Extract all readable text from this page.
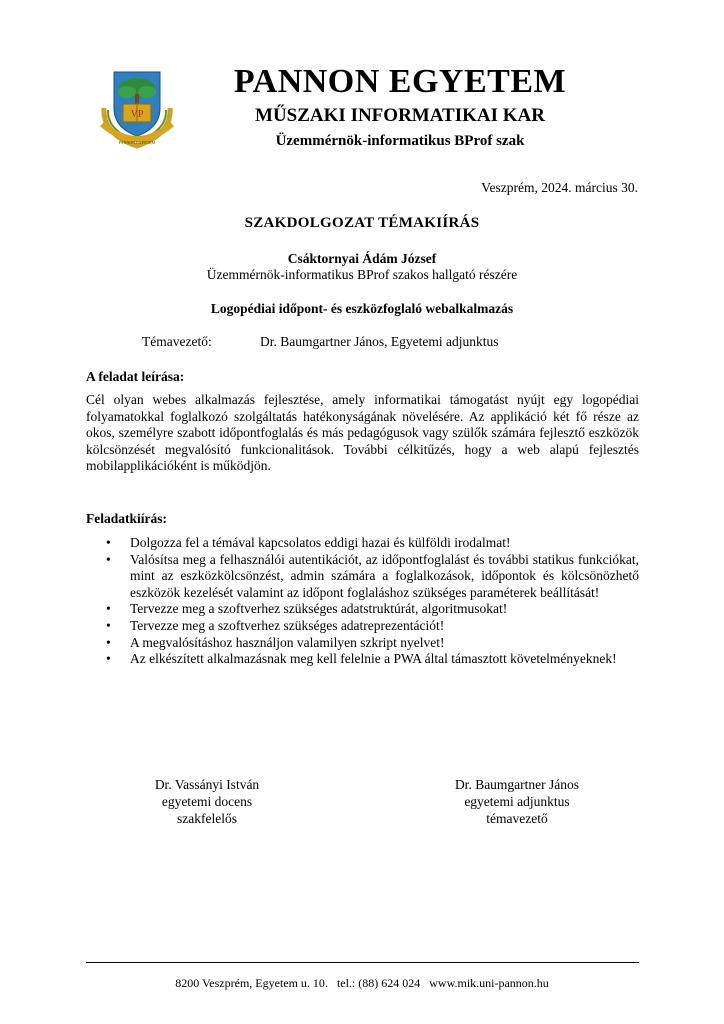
VP
PANNON EGYETEM
PANNON EGYETEM
MŰSZAKI INFORMATIKAI KAR
Üzemmérnök-informatikus BProf szak
Veszprém, 2024. március 30.
SZAKDOLGOZAT TÉMAKIÍRÁS
Csáktornyai Ádám József
Üzemmérnök-informatikus BProf szakos hallgató részére
Logopédiai időpont- és eszközfoglaló webalkalmazás
Témavezető:	Dr. Baumgartner János, Egyetemi adjunktus
A feladat leírása:
Cél olyan webes alkalmazás fejlesztése, amely informatikai támogatást nyújt egy logopédiai folyamatokkal foglalkozó szolgáltatás hatékonyságának növelésére. Az applikáció két fő része az okos, személyre szabott időpontfoglalás és más pedagógusok vagy szülők számára fejlesztő eszközök kölcsönzését megvalósító funkcionalitások. További célkitűzés, hogy a web alapú fejlesztés mobilapplikációként is működjön.
Feladatkiírás:
• Dolgozza fel a témával kapcsolatos eddigi hazai és külföldi irodalmat!
• Valósítsa meg a felhasználói autentikációt, az időpontfoglalást és további statikus funkciókat, mint az eszközkölcsönzést, admin számára a foglalkozások, időpontok és kölcsönözhető eszközök kezelését valamint az időpont foglaláshoz szükséges paraméterek beállítását!
• Tervezze meg a szoftverhez szükséges adatstruktúrát, algoritmusokat!
• Tervezze meg a szoftverhez szükséges adatreprezentációt!
• A megvalósításhoz használjon valamilyen szkript nyelvet!
• Az elkészített alkalmazásnak meg kell felelnie a PWA által támasztott követelményeknek!
Dr. Vassányi István
egyetemi docens
szakfelelős
Dr. Baumgartner János
egyetemi adjunktus
témavezető
8200 Veszprém, Egyetem u. 10. tel.: (88) 624 024 www.mik.uni-pannon.hu
